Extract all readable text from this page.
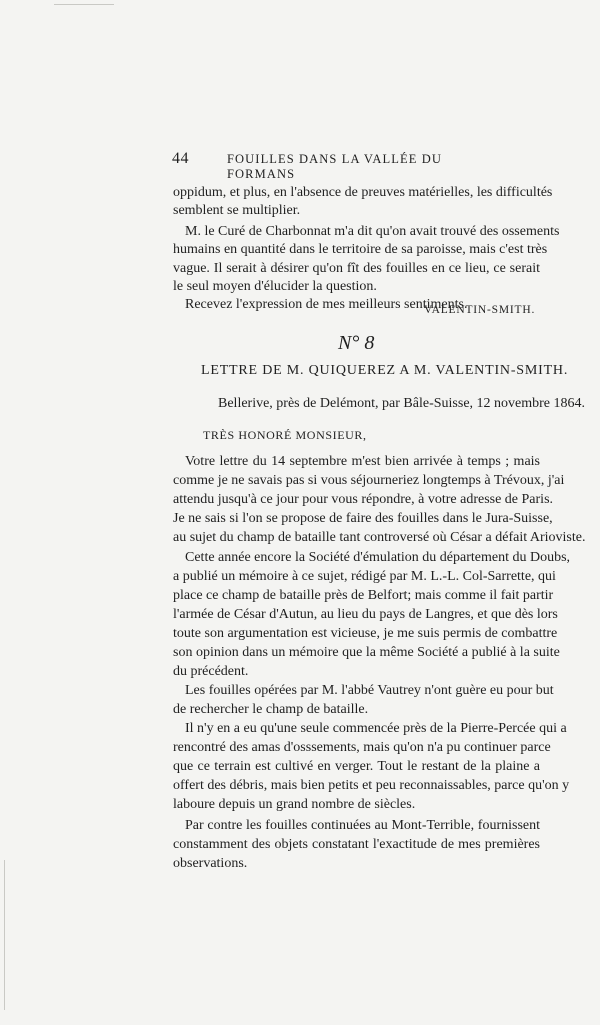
44	FOUILLES DANS LA VALLÉE DU FORMANS
oppidum, et plus, en l'absence de preuves matérielles, les difficultés
semblent se multiplier.
M. le Curé de Charbonnat m'a dit qu'on avait trouvé des ossements
humains en quantité dans le territoire de sa paroisse, mais c'est très
vague. Il serait à désirer qu'on fît des fouilles en ce lieu, ce serait
le seul moyen d'élucider la question.
Recevez l'expression de mes meilleurs sentiments.
VALENTIN-SMITH.
N° 8
LETTRE DE M. QUIQUEREZ A M. VALENTIN-SMITH.
Bellerive, près de Delémont, par Bâle-Suisse, 12 novembre 1864.
TRÈS HONORÉ MONSIEUR,
Votre lettre du 14 septembre m'est bien arrivée à temps ; mais
comme je ne savais pas si vous séjourneriez longtemps à Trévoux, j'ai
attendu jusqu'à ce jour pour vous répondre, à votre adresse de Paris.
Je ne sais si l'on se propose de faire des fouilles dans le Jura-Suisse,
au sujet du champ de bataille tant controversé où César a défait Arioviste.
Cette année encore la Société d'émulation du département du Doubs,
a publié un mémoire à ce sujet, rédigé par M. L.-L. Col-Sarrette, qui
place ce champ de bataille près de Belfort; mais comme il fait partir
l'armée de César d'Autun, au lieu du pays de Langres, et que dès lors
toute son argumentation est vicieuse, je me suis permis de combattre
son opinion dans un mémoire que la même Société a publié à la suite
du précédent.
Les fouilles opérées par M. l'abbé Vautrey n'ont guère eu pour but
de rechercher le champ de bataille.
Il n'y en a eu qu'une seule commencée près de la Pierre-Percée qui a
rencontré des amas d'osssements, mais qu'on n'a pu continuer parce
que ce terrain est cultivé en verger. Tout le restant de la plaine a
offert des débris, mais bien petits et peu reconnaissables, parce qu'on y
laboure depuis un grand nombre de siècles.
Par contre les fouilles continuées au Mont-Terrible, fournissent
constamment des objets constatant l'exactitude de mes premières
observations.
